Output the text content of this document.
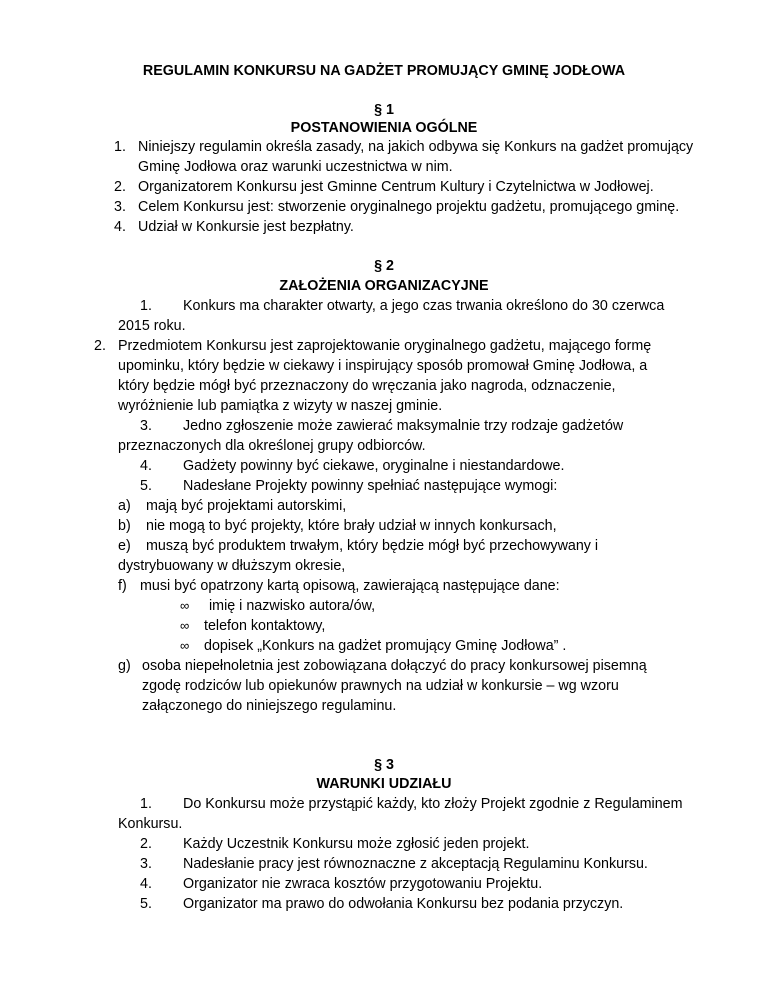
REGULAMIN KONKURSU NA GADŻET PROMUJĄCY GMINĘ JODŁOWA
§ 1
POSTANOWIENIA OGÓLNE
1. Niniejszy regulamin określa zasady, na jakich odbywa się Konkurs na gadżet promujący
Gminę Jodłowa oraz warunki uczestnictwa w nim.
2. Organizatorem Konkursu jest Gminne Centrum Kultury i Czytelnictwa w Jodłowej.
3. Celem Konkursu jest: stworzenie oryginalnego projektu gadżetu, promującego gminę.
4. Udział w Konkursie jest bezpłatny.
§ 2
ZAŁOŻENIA ORGANIZACYJNE
1. Konkurs ma charakter otwarty, a jego czas trwania określono do 30 czerwca
2015 roku.
2. Przedmiotem Konkursu jest zaprojektowanie oryginalnego gadżetu, mającego formę
upominku, który będzie w ciekawy i inspirujący sposób promował Gminę Jodłowa, a
który będzie mógł być przeznaczony do wręczania jako nagroda, odznaczenie,
wyróżnienie lub pamiątka z wizyty w naszej gminie.
3. Jedno zgłoszenie może zawierać maksymalnie trzy rodzaje gadżetów
przeznaczonych dla określonej grupy odbiorców.
4. Gadżety powinny być ciekawe, oryginalne i niestandardowe.
5. Nadesłane Projekty powinny spełniać następujące wymogi:
a) mają być projektami autorskimi,
b) nie mogą to być projekty, które brały udział w innych konkursach,
e) muszą być produktem trwałym, który będzie mógł być przechowywany i
dystrybuowany w dłuższym okresie,
f) musi być opatrzony kartą opisową, zawierającą następujące dane:
∞ imię i nazwisko autora/ów,
∞ telefon kontaktowy,
∞ dopisek „Konkurs na gadżet promujący Gminę Jodłowa” .
g) osoba niepełnoletnia jest zobowiązana dołączyć do pracy konkursowej pisemną
zgodę rodziców lub opiekunów prawnych na udział w konkursie – wg wzoru
załączonego do niniejszego regulaminu.
§ 3
WARUNKI UDZIAŁU
1. Do Konkursu może przystąpić każdy, kto złoży Projekt zgodnie z Regulaminem
Konkursu.
2. Każdy Uczestnik Konkursu może zgłosić jeden projekt.
3. Nadesłanie pracy jest równoznaczne z akceptacją Regulaminu Konkursu.
4. Organizator nie zwraca kosztów przygotowaniu Projektu.
5. Organizator ma prawo do odwołania Konkursu bez podania przyczyn.
